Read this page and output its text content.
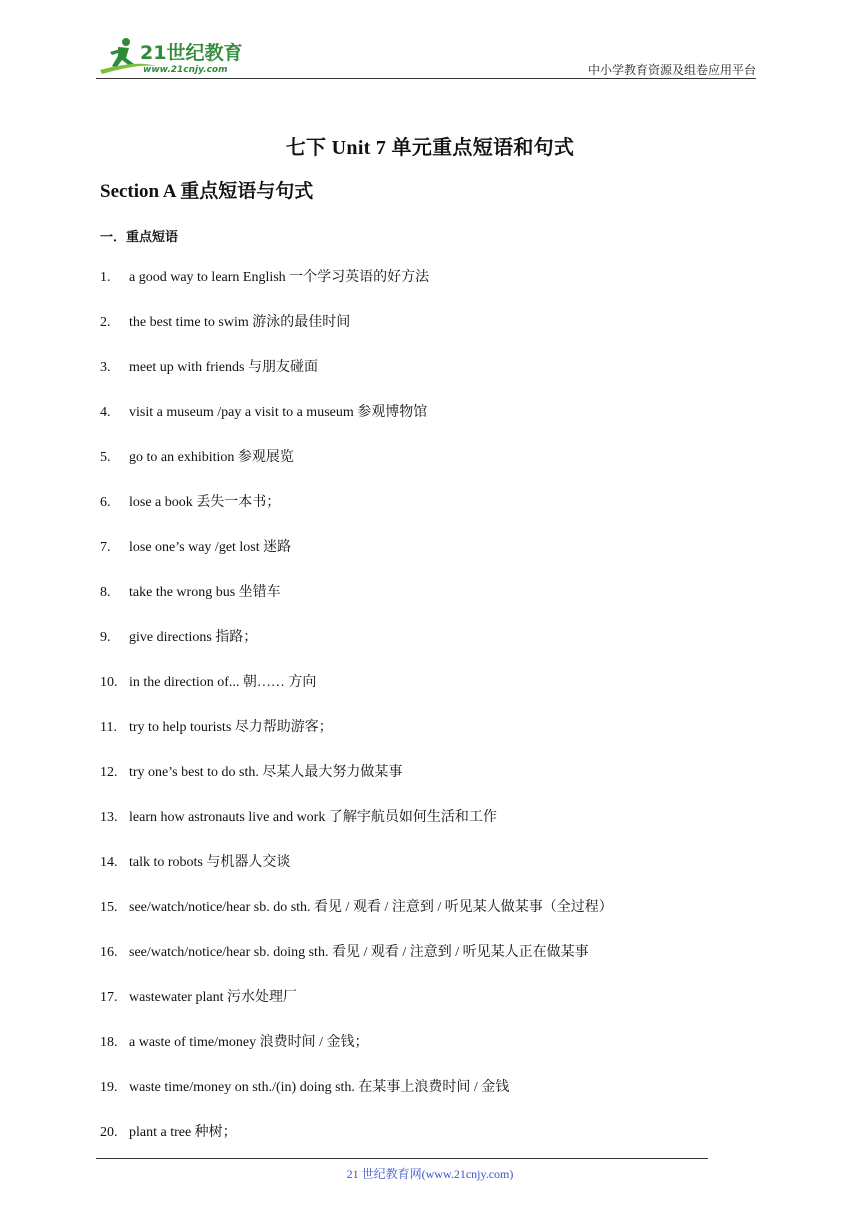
21世纪教育
www.21cnjy.com	中小学教育资源及组卷应用平台
七下 Unit 7 单元重点短语和句式
Section A 重点短语与句式
一．重点短语
1. a good way to learn English 一个学习英语的好方法
2. the best time to swim 游泳的最佳时间
3. meet up with friends 与朋友碰面
4. visit a museum /pay a visit to a museum 参观博物馆
5. go to an exhibition 参观展览
6. lose a book 丢失一本书；
7. lose one’s way /get lost 迷路
8. take the wrong bus 坐错车
9. give directions 指路；
10. in the direction of... 朝…… 方向
11. try to help tourists 尽力帮助游客；
12. try one’s best to do sth. 尽某人最大努力做某事
13. learn how astronauts live and work 了解宇航员如何生活和工作
14. talk to robots 与机器人交谈
15. see/watch/notice/hear sb. do sth. 看见 / 观看 / 注意到 / 听见某人做某事（全过程）
16. see/watch/notice/hear sb. doing sth. 看见 / 观看 / 注意到 / 听见某人正在做某事
17. wastewater plant 污水处理厂
18. a waste of time/money 浪费时间 / 金钱；
19. waste time/money on sth./(in) doing sth. 在某事上浪费时间 / 金钱
20. plant a tree 种树；
21 世纪教育网(www.21cnjy.com)
